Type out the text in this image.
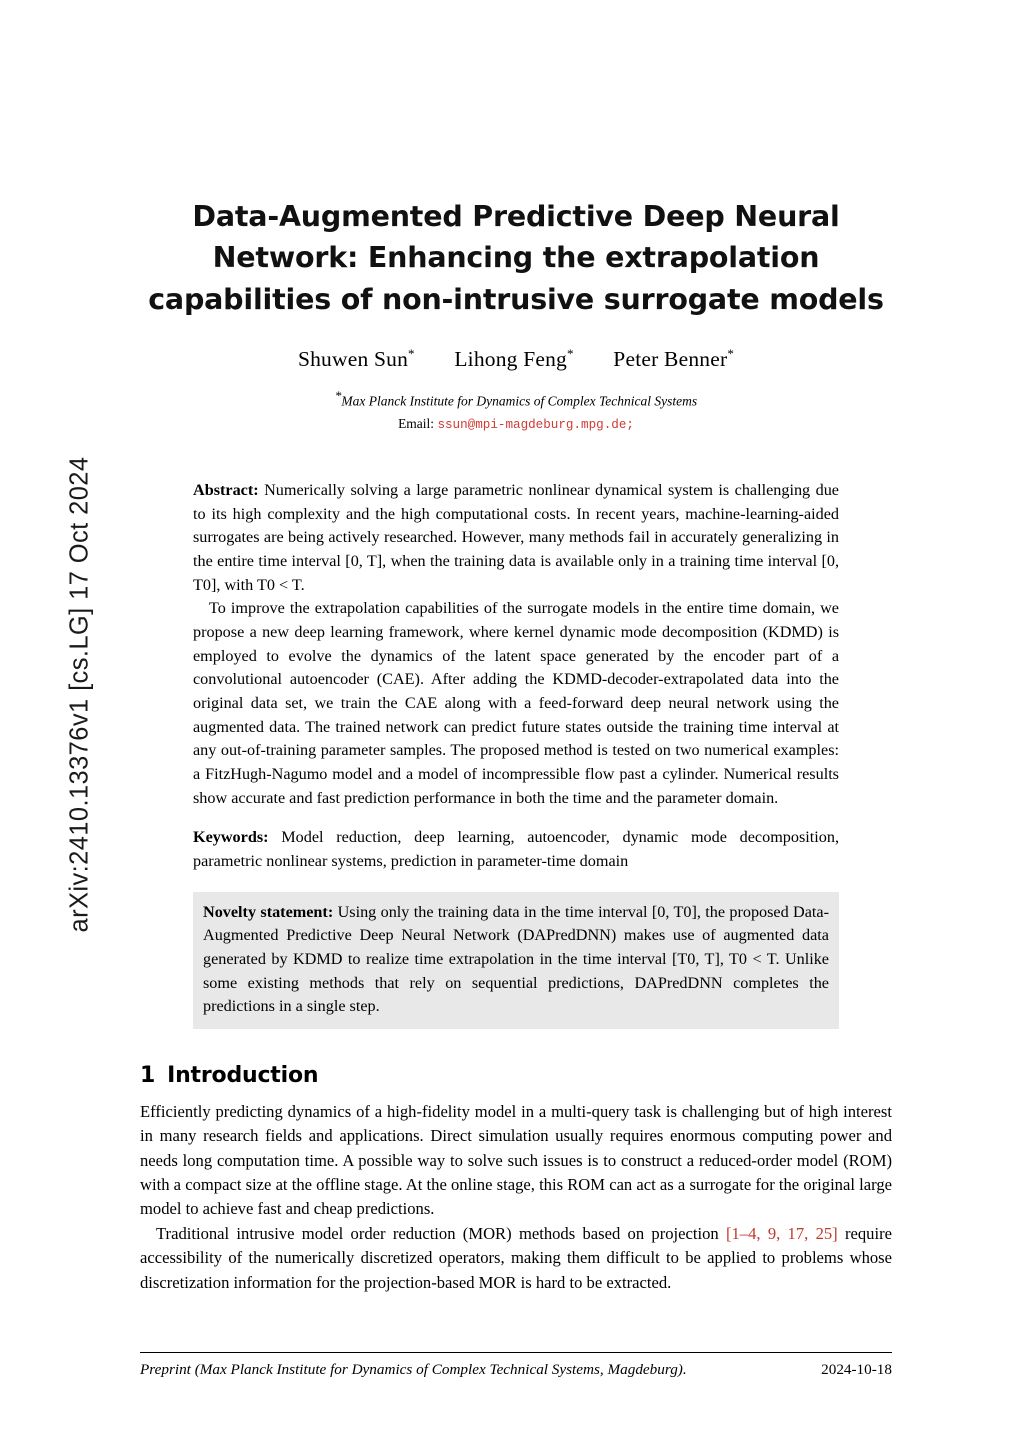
arXiv:2410.13376v1 [cs.LG] 17 Oct 2024
Data-Augmented Predictive Deep Neural Network: Enhancing the extrapolation capabilities of non-intrusive surrogate models
Shuwen Sun* Lihong Feng* Peter Benner*
*Max Planck Institute for Dynamics of Complex Technical Systems
Email: ssun@mpi-magdeburg.mpg.de;

Abstract: Numerically solving a large parametric nonlinear dynamical system is challenging due to its high complexity and the high computational costs. In recent years, machine-learning-aided surrogates are being actively researched. However, many methods fail in accurately generalizing in the entire time interval [0, T], when the training data is available only in a training time interval [0, T0], with T0 < T.

To improve the extrapolation capabilities of the surrogate models in the entire time domain, we propose a new deep learning framework, where kernel dynamic mode decomposition (KDMD) is employed to evolve the dynamics of the latent space generated by the encoder part of a convolutional autoencoder (CAE). After adding the KDMD-decoder-extrapolated data into the original data set, we train the CAE along with a feed-forward deep neural network using the augmented data. The trained network can predict future states outside the training time interval at any out-of-training parameter samples. The proposed method is tested on two numerical examples: a FitzHugh-Nagumo model and a model of incompressible flow past a cylinder. Numerical results show accurate and fast prediction performance in both the time and the parameter domain.

Keywords: Model reduction, deep learning, autoencoder, dynamic mode decomposition, parametric nonlinear systems, prediction in parameter-time domain

Novelty statement: Using only the training data in the time interval [0, T0], the proposed Data-Augmented Predictive Deep Neural Network (DAPredDNN) makes use of augmented data generated by KDMD to realize time extrapolation in the time interval [T0, T], T0 < T. Unlike some existing methods that rely on sequential predictions, DAPredDNN completes the predictions in a single step.
1 Introduction

Efficiently predicting dynamics of a high-fidelity model in a multi-query task is challenging but of high interest in many research fields and applications. Direct simulation usually requires enormous computing power and needs long computation time. A possible way to solve such issues is to construct a reduced-order model (ROM) with a compact size at the offline stage. At the online stage, this ROM can act as a surrogate for the original large model to achieve fast and cheap predictions.

Traditional intrusive model order reduction (MOR) methods based on projection [1–4, 9, 17, 25] require accessibility of the numerically discretized operators, making them difficult to be applied to problems whose discretization information for the projection-based MOR is hard to be extracted.

Preprint (Max Planck Institute for Dynamics of Complex Technical Systems, Magdeburg).	2024-10-18
